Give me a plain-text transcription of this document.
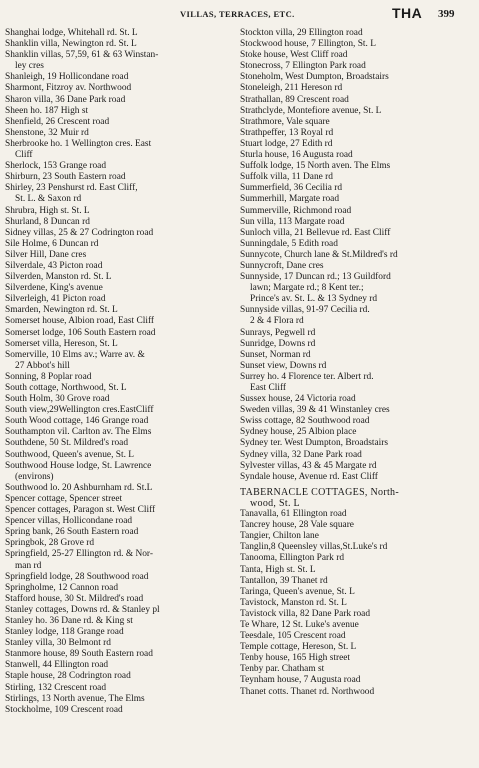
VILLAS, TERRACES, ETC.	THA 399
Shanghai lodge, Whitehall rd. St. L
Shanklin villa, Newington rd. St. L
Shanklin villas, 57,59, 61 & 63 Winstan-
ley cres
Shanleigh, 19 Hollicondane road
Sharmont, Fitzroy av. Northwood
Sharon villa, 36 Dane Park road
Sheen ho. 187 High st
Shenfield, 26 Crescent road
Shenstone, 32 Muir rd
Sherbrooke ho. 1 Wellington cres. East
Cliff
Sherlock, 153 Grange road
Shirburn, 23 South Eastern road
Shirley, 23 Penshurst rd. East Cliff,
St. L. & Saxon rd
Shrubra, High st. St. L
Shurland, 8 Duncan rd
Sidney villas, 25 & 27 Codrington road
Sile Holme, 6 Duncan rd
Silver Hill, Dane cres
Silverdale, 43 Picton road
Silverden, Manston rd. St. L
Silverdene, King's avenue
Silverleigh, 41 Picton road
Smarden, Newington rd. St. L
Somerset house, Albion road, East Cliff
Somerset lodge, 106 South Eastern road
Somerset villa, Hereson, St. L
Somerville, 10 Elms av.; Warre av. &
27 Abbot's hill
Sonning, 8 Poplar road
South cottage, Northwood, St. L
South Holm, 30 Grove road
South view,29Wellington cres.EastCliff
South Wood cottage, 146 Grange road
Southampton vil. Carlton av. The Elms
Southdene, 50 St. Mildred's road
Southwood, Queen's avenue, St. L
Southwood House lodge, St. Lawrence
(environs)
Southwood lo. 20 Ashburnham rd. St.L
Spencer cottage, Spencer street
Spencer cottages, Paragon st. West Cliff
Spencer villas, Hollicondane road
Spring bank, 26 South Eastern road
Springbok, 28 Grove rd
Springfield, 25-27 Ellington rd. & Nor-
man rd
Springfield lodge, 28 Southwood road
Springholme, 12 Cannon road
Stafford house, 30 St. Mildred's road
Stanley cottages, Downs rd. & Stanley pl
Stanley ho. 36 Dane rd. & King st
Stanley lodge, 118 Grange road
Stanley villa, 30 Belmont rd
Stanmore house, 89 South Eastern road
Stanwell, 44 Ellington road
Staple house, 28 Codrington road
Stirling, 132 Crescent road
Stirlings, 13 North avenue, The Elms
Stockholme, 109 Crescent road
Stockton villa, 29 Ellington road
Stockwood house, 7 Ellington, St. L
Stoke house, West Cliff road
Stonecross, 7 Ellington Park road
Stoneholm, West Dumpton, Broadstairs
Stoneleigh, 211 Hereson rd
Strathallan, 89 Crescent road
Strathclyde, Montefiore avenue, St. L
Strathmore, Vale square
Strathpeffer, 13 Royal rd
Stuart lodge, 27 Edith rd
Sturla house, 16 Augusta road
Suffolk lodge, 15 North aven. The Elms
Suffolk villa, 11 Dane rd
Summerfield, 36 Cecilia rd
Summerhill, Margate road
Summerville, Richmond road
Sun villa, 113 Margate road
Sunloch villa, 21 Bellevue rd. East Cliff
Sunningdale, 5 Edith road
Sunnycote, Church lane & St.Mildred's rd
Sunnycroft, Dane cres
Sunnyside, 17 Duncan rd.; 13 Guildford
lawn; Margate rd.; 8 Kent ter.;
Prince's av. St. L. & 13 Sydney rd
Sunnyside villas, 91-97 Cecilia rd.
2 & 4 Flora rd
Sunrays, Pegwell rd
Sunridge, Downs rd
Sunset, Norman rd
Sunset view, Downs rd
Surrey ho. 4 Florence ter. Albert rd.
East Cliff
Sussex house, 24 Victoria road
Sweden villas, 39 & 41 Winstanley cres
Swiss cottage, 82 Southwood road
Sydney house, 25 Albion place
Sydney ter. West Dumpton, Broadstairs
Sydney villa, 32 Dane Park road
Sylvester villas, 43 & 45 Margate rd
Syndale house, Avenue rd. East Cliff
TABERNACLE COTTAGES, North-
wood, St. L
Tanavalla, 61 Ellington road
Tancrey house, 28 Vale square
Tangier, Chilton lane
Tanglin,8 Queensley villas,St.Luke's rd
Tanooma, Ellington Park rd
Tanta, High st. St. L
Tantallon, 39 Thanet rd
Taringa, Queen's avenue, St. L
Tavistock, Manston rd. St. L
Tavistock villa, 82 Dane Park road
Te Whare, 12 St. Luke's avenue
Teesdale, 105 Crescent road
Temple cottage, Hereson, St. L
Tenby house, 165 High street
Tenby par. Chatham st
Teynham house, 7 Augusta road
Thanet cotts. Thanet rd. Northwood
